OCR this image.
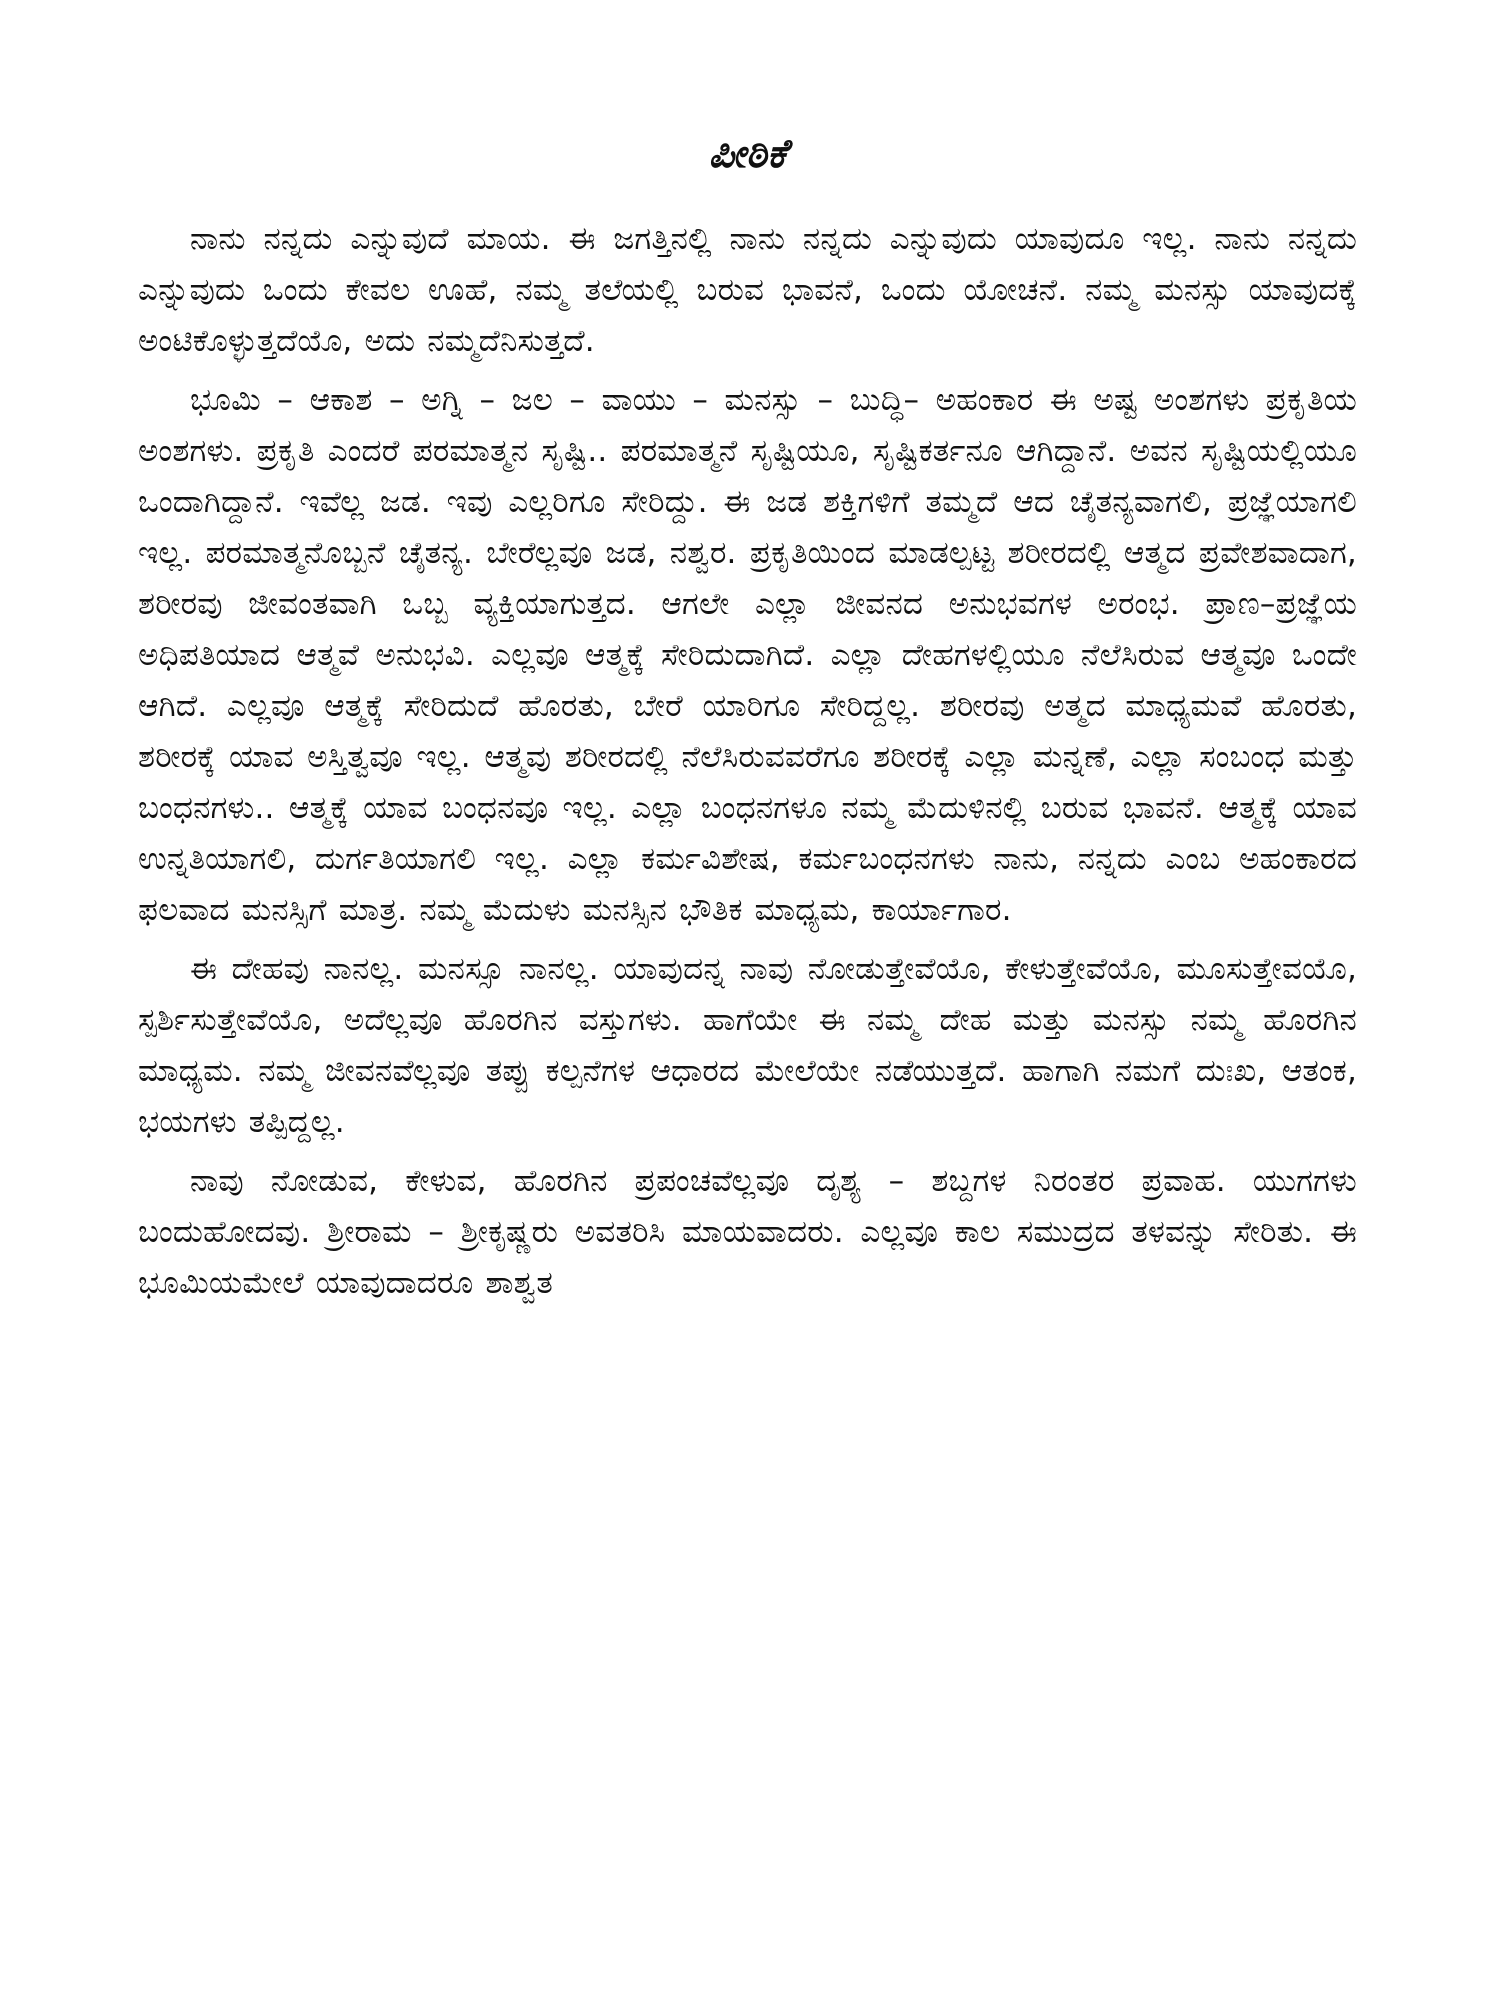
ಪೀಠಿಕೆ

ನಾನು ನನ್ನದು ಎನ್ನುವುದೆ ಮಾಯ. ಈ ಜಗತ್ತಿನಲ್ಲಿ ನಾನು ನನ್ನದು ಎನ್ನುವುದು ಯಾವುದೂ ಇಲ್ಲ. ನಾನು ನನ್ನದು ಎನ್ನುವುದು ಒಂದು ಕೇವಲ ಊಹೆ, ನಮ್ಮ ತಲೆಯಲ್ಲಿ ಬರುವ ಭಾವನೆ, ಒಂದು ಯೋಚನೆ. ನಮ್ಮ ಮನಸ್ಸು ಯಾವುದಕ್ಕೆ ಅಂಟಿಕೊಳ್ಳುತ್ತದೆಯೊ, ಅದು ನಮ್ಮದೆನಿಸುತ್ತದೆ.

ಭೂಮಿ – ಆಕಾಶ – ಅಗ್ನಿ – ಜಲ – ವಾಯು – ಮನಸ್ಸು – ಬುದ್ಧಿ– ಅಹಂಕಾರ ಈ ಅಷ್ಟ ಅಂಶಗಳು ಪ್ರಕೃತಿಯ ಅಂಶಗಳು. ಪ್ರಕೃತಿ ಎಂದರೆ ಪರಮಾತ್ಮನ ಸೃಷ್ಟಿ.. ಪರಮಾತ್ಮನೆ ಸೃಷ್ಟಿಯೂ, ಸೃಷ್ಟಿಕರ್ತನೂ ಆಗಿದ್ದಾನೆ. ಅವನ ಸೃಷ್ಟಿಯಲ್ಲಿಯೂ ಒಂದಾಗಿದ್ದಾನೆ. ಇವೆಲ್ಲ ಜಡ. ಇವು ಎಲ್ಲರಿಗೂ ಸೇರಿದ್ದು. ಈ ಜಡ ಶಕ್ತಿಗಳಿಗೆ ತಮ್ಮದೆ ಆದ ಚೈತನ್ಯವಾಗಲಿ, ಪ್ರಜ್ಞೆಯಾಗಲಿ ಇಲ್ಲ. ಪರಮಾತ್ಮನೊಬ್ಬನೆ ಚೈತನ್ಯ. ಬೇರೆಲ್ಲವೂ ಜಡ, ನಶ್ವರ. ಪ್ರಕೃತಿಯಿಂದ ಮಾಡಲ್ಪಟ್ಟ ಶರೀರದಲ್ಲಿ ಆತ್ಮದ ಪ್ರವೇಶವಾದಾಗ, ಶರೀರವು ಜೀವಂತವಾಗಿ ಒಬ್ಬ ವ್ಯಕ್ತಿಯಾಗುತ್ತದ. ಆಗಲೇ ಎಲ್ಲಾ ಜೀವನದ ಅನುಭವಗಳ ಅರಂಭ. ಪ್ರಾಣ–ಪ್ರಜ್ಞೆಯ ಅಧಿಪತಿಯಾದ ಆತ್ಮವೆ ಅನುಭವಿ. ಎಲ್ಲವೂ ಆತ್ಮಕ್ಕೆ ಸೇರಿದುದಾಗಿದೆ. ಎಲ್ಲಾ ದೇಹಗಳಲ್ಲಿಯೂ ನೆಲೆಸಿರುವ ಆತ್ಮವೂ ಒಂದೇ ಆಗಿದೆ. ಎಲ್ಲವೂ ಆತ್ಮಕ್ಕೆ ಸೇರಿದುದೆ ಹೊರತು, ಬೇರೆ ಯಾರಿಗೂ ಸೇರಿದ್ದಲ್ಲ. ಶರೀರವು ಅತ್ಮದ ಮಾಧ್ಯಮವೆ ಹೊರತು, ಶರೀರಕ್ಕೆ ಯಾವ ಅಸ್ತಿತ್ವವೂ ಇಲ್ಲ. ಆತ್ಮವು ಶರೀರದಲ್ಲಿ ನೆಲೆಸಿರುವವರೆಗೂ ಶರೀರಕ್ಕೆ ಎಲ್ಲಾ ಮನ್ನಣೆ, ಎಲ್ಲಾ ಸಂಬಂಧ ಮತ್ತು ಬಂಧನಗಳು.. ಆತ್ಮಕ್ಕೆ ಯಾವ ಬಂಧನವೂ ಇಲ್ಲ. ಎಲ್ಲಾ ಬಂಧನಗಳೂ ನಮ್ಮ ಮೆದುಳಿನಲ್ಲಿ ಬರುವ ಭಾವನೆ. ಆತ್ಮಕ್ಕೆ ಯಾವ ಉನ್ನತಿಯಾಗಲಿ, ದುರ್ಗತಿಯಾಗಲಿ ಇಲ್ಲ. ಎಲ್ಲಾ ಕರ್ಮವಿಶೇಷ, ಕರ್ಮಬಂಧನಗಳು ನಾನು, ನನ್ನದು ಎಂಬ ಅಹಂಕಾರದ ಫಲವಾದ ಮನಸ್ಸಿಗೆ ಮಾತ್ರ. ನಮ್ಮ ಮೆದುಳು ಮನಸ್ಸಿನ ಭೌತಿಕ ಮಾಧ್ಯಮ, ಕಾರ್ಯಾಗಾರ.

ಈ ದೇಹವು ನಾನಲ್ಲ. ಮನಸ್ಸೂ ನಾನಲ್ಲ. ಯಾವುದನ್ನ ನಾವು ನೋಡುತ್ತೇವೆಯೊ, ಕೇಳುತ್ತೇವೆಯೊ, ಮೂಸುತ್ತೇವಯೊ, ಸ್ಪರ್ಶಿಸುತ್ತೇವೆಯೊ, ಅದೆಲ್ಲವೂ ಹೊರಗಿನ ವಸ್ತುಗಳು. ಹಾಗೆಯೇ ಈ ನಮ್ಮ ದೇಹ ಮತ್ತು ಮನಸ್ಸು ನಮ್ಮ ಹೊರಗಿನ ಮಾಧ್ಯಮ. ನಮ್ಮ ಜೀವನವೆಲ್ಲವೂ ತಪ್ಪು ಕಲ್ಪನೆಗಳ ಆಧಾರದ ಮೇಲೆಯೇ ನಡೆಯುತ್ತದೆ. ಹಾಗಾಗಿ ನಮಗೆ ದುಃಖ, ಆತಂಕ, ಭಯಗಳು ತಪ್ಪಿದ್ದಲ್ಲ.

ನಾವು ನೋಡುವ, ಕೇಳುವ, ಹೊರಗಿನ ಪ್ರಪಂಚವೆಲ್ಲವೂ ದೃಶ್ಯ – ಶಬ್ದಗಳ ನಿರಂತರ ಪ್ರವಾಹ. ಯುಗಗಳು ಬಂದುಹೋದವು. ಶ್ರೀರಾಮ – ಶ್ರೀಕೃಷ್ಣರು ಅವತರಿಸಿ ಮಾಯವಾದರು. ಎಲ್ಲವೂ ಕಾಲ ಸಮುದ್ರದ ತಳವನ್ನು ಸೇರಿತು. ಈ ಭೂಮಿಯಮೇಲೆ ಯಾವುದಾದರೂ ಶಾಶ್ವತ
